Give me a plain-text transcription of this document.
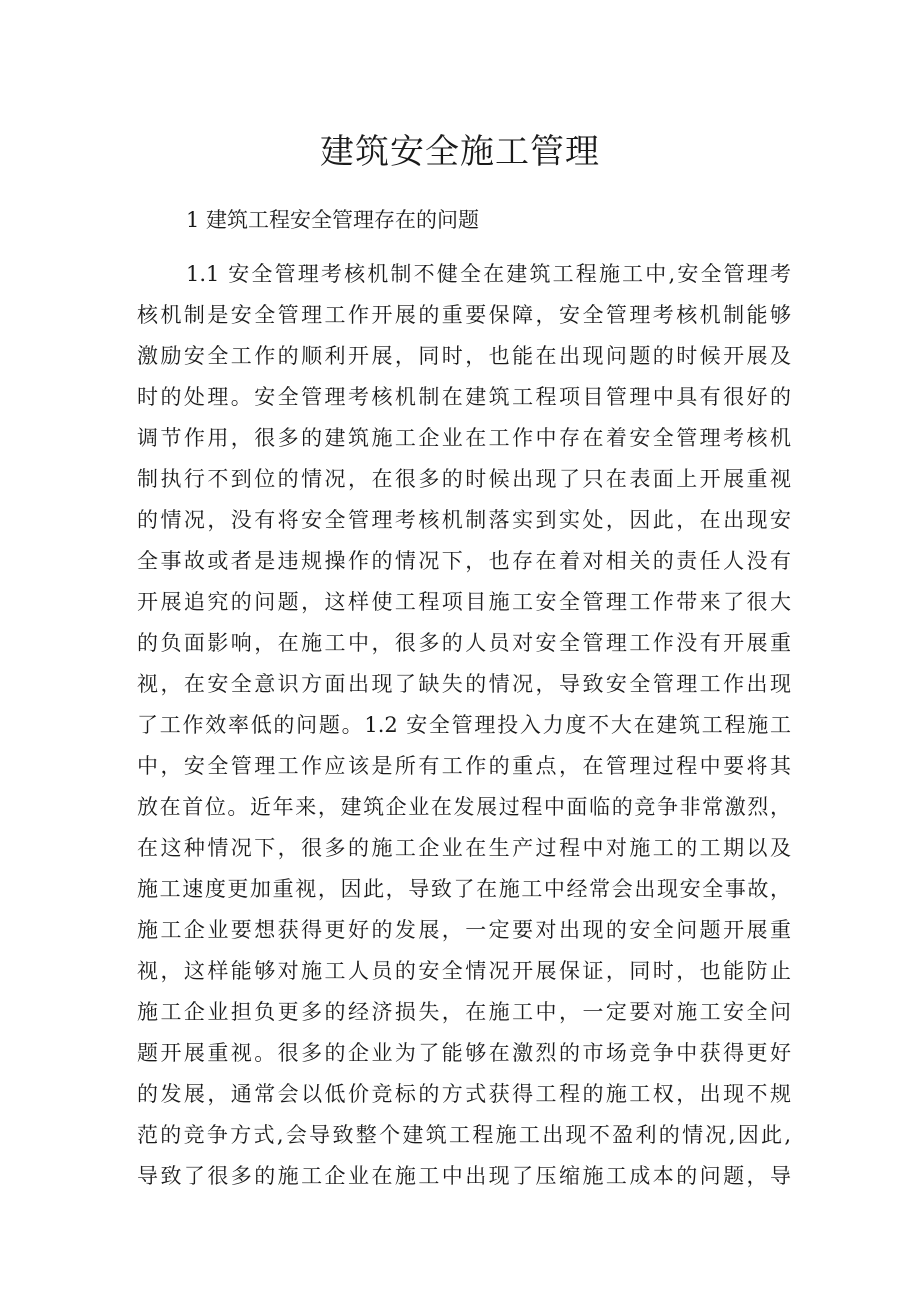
建筑安全施工管理
1 建筑工程安全管理存在的问题
1.1 安全管理考核机制不健全在建筑工程施工中,安全管理考
核机制是安全管理工作开展的重要保障，安全管理考核机制能够
激励安全工作的顺利开展，同时，也能在出现问题的时候开展及
时的处理。安全管理考核机制在建筑工程项目管理中具有很好的
调节作用，很多的建筑施工企业在工作中存在着安全管理考核机
制执行不到位的情况，在很多的时候出现了只在表面上开展重视
的情况，没有将安全管理考核机制落实到实处，因此，在出现安
全事故或者是违规操作的情况下，也存在着对相关的责任人没有
开展追究的问题，这样使工程项目施工安全管理工作带来了很大
的负面影响，在施工中，很多的人员对安全管理工作没有开展重
视，在安全意识方面出现了缺失的情况，导致安全管理工作出现
了工作效率低的问题。1.2 安全管理投入力度不大在建筑工程施工
中，安全管理工作应该是所有工作的重点，在管理过程中要将其
放在首位。近年来，建筑企业在发展过程中面临的竞争非常激烈，
在这种情况下，很多的施工企业在生产过程中对施工的工期以及
施工速度更加重视，因此，导致了在施工中经常会出现安全事故，
施工企业要想获得更好的发展，一定要对出现的安全问题开展重
视，这样能够对施工人员的安全情况开展保证，同时，也能防止
施工企业担负更多的经济损失，在施工中，一定要对施工安全问
题开展重视。很多的企业为了能够在激烈的市场竞争中获得更好
的发展，通常会以低价竞标的方式获得工程的施工权，出现不规
范的竞争方式,会导致整个建筑工程施工出现不盈利的情况,因此,
导致了很多的施工企业在施工中出现了压缩施工成本的问题，导
